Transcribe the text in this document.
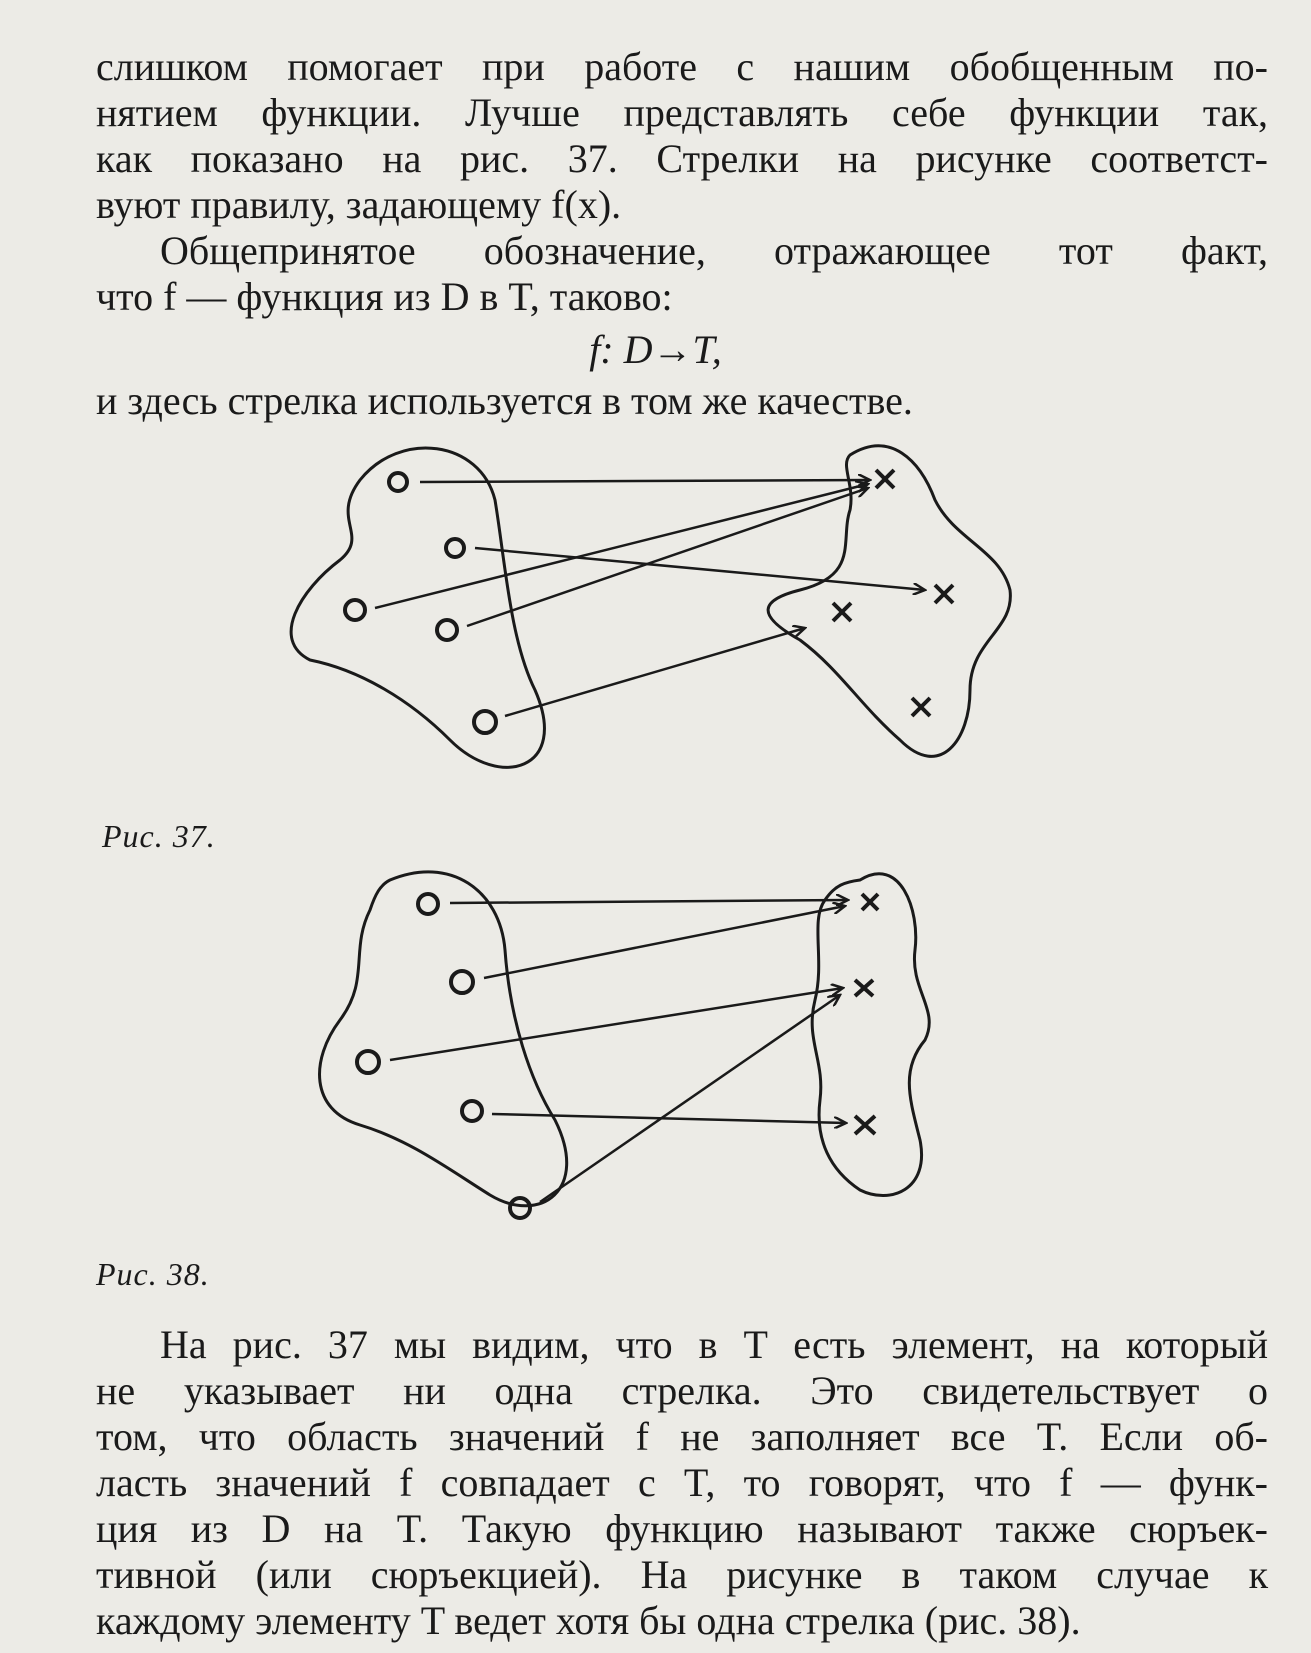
слишком помогает при работе с нашим обобщенным по-
нятием функции. Лучше представлять себе функции так,
как показано на рис. 37. Стрелки на рисунке соответст-
вуют правилу, задающему f(x).
Общепринятое обозначение, отражающее тот факт,
что f — функция из D в T, таково:
f: D→T,
и здесь стрелка используется в том же качестве.
Рис. 37.
Рис. 38.
На рис. 37 мы видим, что в T есть элемент, на который
не указывает ни одна стрелка. Это свидетельствует о
том, что область значений f не заполняет все T. Если об-
ласть значений f совпадает с T, то говорят, что f — функ-
ция из D на T. Такую функцию называют также сюръек-
тивной (или сюръекцией). На рисунке в таком случае к
каждому элементу T ведет хотя бы одна стрелка (рис. 38).
